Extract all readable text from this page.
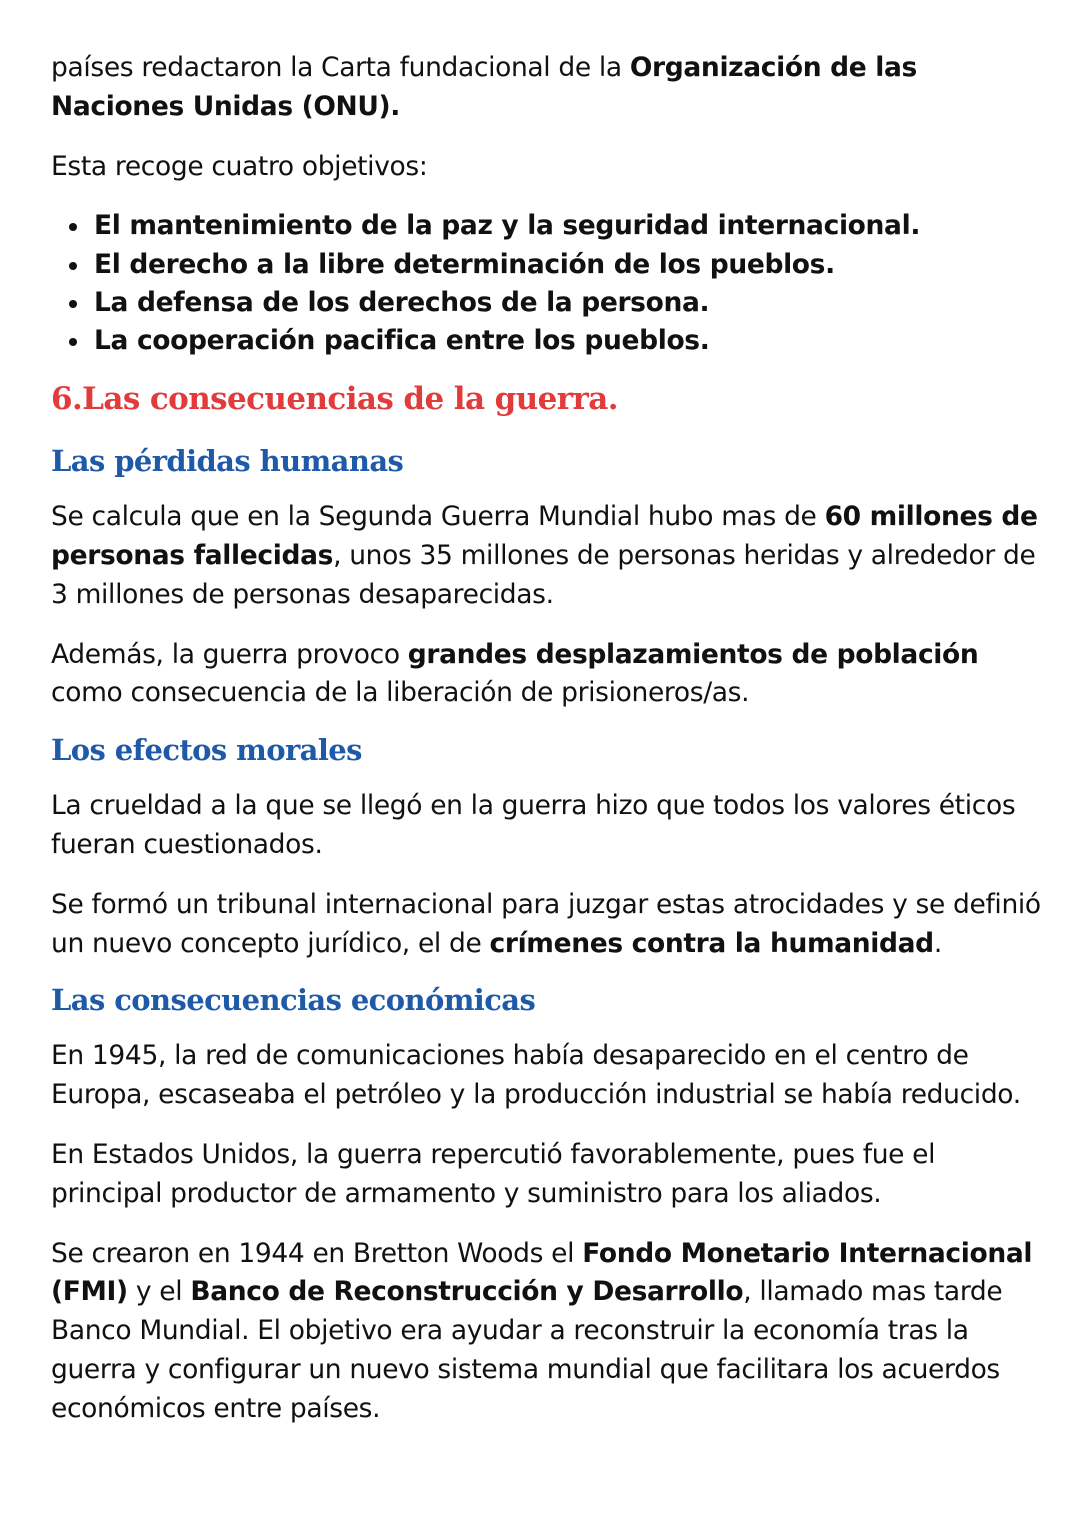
países redactaron la Carta fundacional de la Organización de las Naciones Unidas (ONU).

Esta recoge cuatro objetivos:

El mantenimiento de la paz y la seguridad internacional.
El derecho a la libre determinación de los pueblos.
La defensa de los derechos de la persona.
La cooperación pacifica entre los pueblos.
6.Las consecuencias de la guerra.
Las pérdidas humanas

Se calcula que en la Segunda Guerra Mundial hubo mas de 60 millones de personas fallecidas, unos 35 millones de personas heridas y alrededor de 3 millones de personas desaparecidas.

Además, la guerra provoco grandes desplazamientos de población como consecuencia de la liberación de prisioneros/as.

Los efectos morales

La crueldad a la que se llegó en la guerra hizo que todos los valores éticos fueran cuestionados.

Se formó un tribunal internacional para juzgar estas atrocidades y se definió un nuevo concepto jurídico, el de crímenes contra la humanidad.

Las consecuencias económicas

En 1945, la red de comunicaciones había desaparecido en el centro de Europa, escaseaba el petróleo y la producción industrial se había reducido.

En Estados Unidos, la guerra repercutió favorablemente, pues fue el principal productor de armamento y suministro para los aliados.

Se crearon en 1944 en Bretton Woods el Fondo Monetario Internacional (FMI) y el Banco de Reconstrucción y Desarrollo, llamado mas tarde Banco Mundial. El objetivo era ayudar a reconstruir la economía tras la guerra y configurar un nuevo sistema mundial que facilitara los acuerdos económicos entre países.
